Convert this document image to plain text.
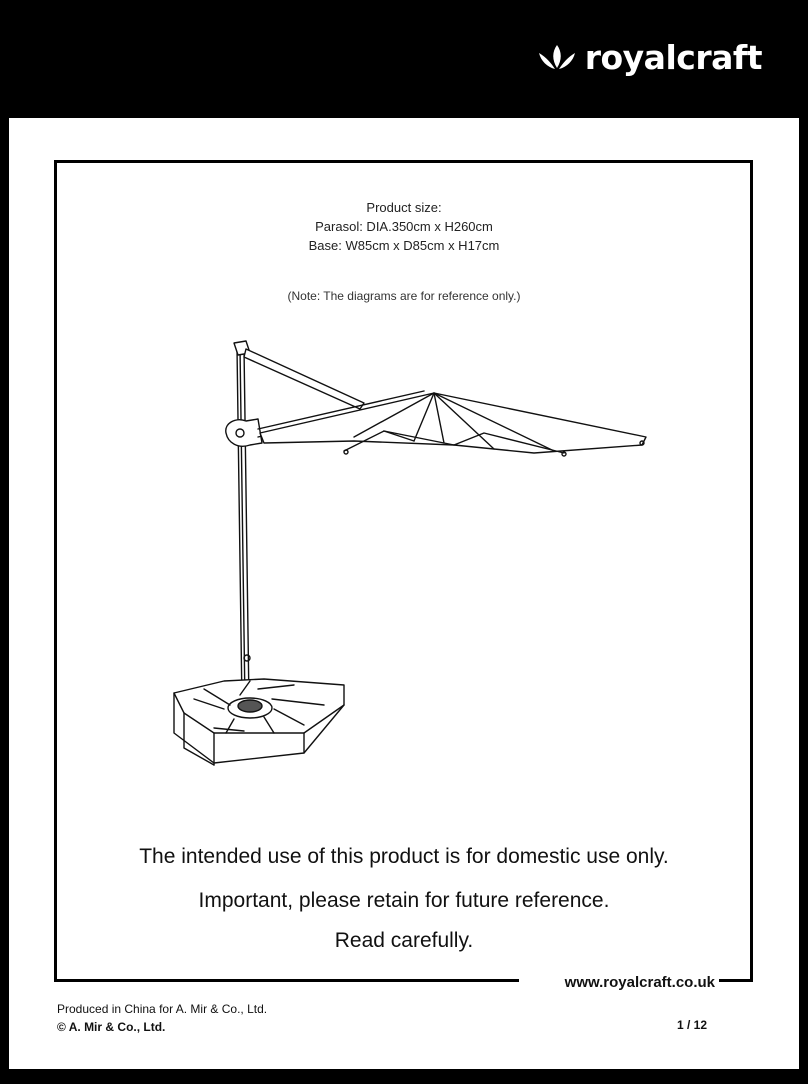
royalcraft
Product size:
Parasol: DIA.350cm x H260cm
Base: W85cm x D85cm x H17cm
(Note: The diagrams are for reference only.)
The intended use of this product is for domestic use only.
Important, please retain for future reference.
Read carefully.
www.royalcraft.co.uk
Produced in China for A. Mir & Co., Ltd.
© A. Mir & Co., Ltd.	1 / 12
